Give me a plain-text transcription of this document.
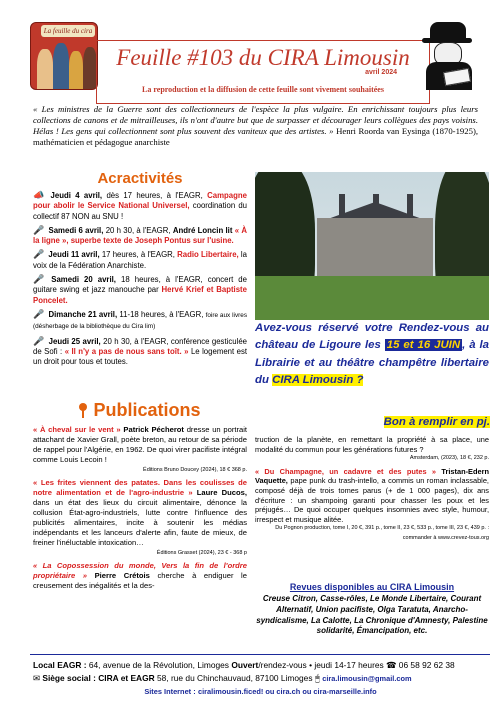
La feuille du cira
Feuille #103 du CIRA Limousin
avril 2024
La reproduction et la diffusion de cette feuille sont vivement souhaitées
« Les ministres de la Guerre sont des collectionneurs de l'espèce la plus vulgaire. En enrichissant toujours plus leurs collections de canons et de mitrailleuses, ils n'ont d'autre but que de surpasser et décourager leurs collègues des pays voisins. Hélas ! Les gens qui collectionnent sont plus souvent des vaniteux que des artistes. » Henri Roorda van Eysinga (1870-1925), mathématicien et pédagogue anarchiste
Acractivités
📣 Jeudi 4 avril, dès 17 heures, à l'EAGR, Campagne pour abolir le Service National Universel, coordination du collectif 87 NON au SNU !
🎤 Samedi 6 avril, 20 h 30, à l'EAGR, André Loncin lit « À la ligne », superbe texte de Joseph Pontus sur l'usine.
🎤 Jeudi 11 avril, 17 heures, à l'EAGR, Radio Libertaire, la voix de la Fédération Anarchiste.
🎤 Samedi 20 avril, 18 heures, à l'EAGR, concert de guitare swing et jazz manouche par Hervé Krief et Baptiste Poncelet.
🎤 Dimanche 21 avril, 11-18 heures, à l'EAGR, foire aux livres (désherbage de la bibliothèque du Cira lim)
🎤 Jeudi 25 avril, 20 h 30, à l'EAGR, conférence gesticulée de Sofi : « Il n'y a pas de nous sans toît. » Le logement est un droit pour tous et toutes.
Publications
« À cheval sur le vent » Patrick Pécherot dresse un portrait attachant de Xavier Grall, poète breton, au retour de sa période de rappel pour l'Algérie, en 1962. De quoi virer pacifiste intégral comme Louis Lecoin !
Éditions Bruno Doucey (2024), 18 € 368 p.
« Les frites viennent des patates. Dans les coulisses de notre alimentation et de l'agro-industrie » Laure Ducos, dans un état des lieux du circuit alimentaire, dénonce la collusion État-agro-industriels, lutte contre l'influence des publicités alimentaires, incite à soutenir les médias indépendants et les lanceurs d'alerte afin, faute de mieux, de freiner l'inéluctable intoxication…
Éditions Grasset (2024), 23 € - 368 p
« La Copossession du monde, Vers la fin de l'ordre propriétaire » Pierre Crétois cherche à endiguer le creusement des inégalités et la des-
Avez-vous réservé votre Rendez-vous au château de Ligoure les 15 et 16 JUIN , à la Librairie et au théâtre champêtre libertaire du CIRA Limousin ?
Bon à remplir en pj.
truction de la planète, en remettant la propriété à sa place, une modalité du commun pour les générations futures ?
Amsterdam, (2023), 18 €, 232 p.
« Du Champagne, un cadavre et des putes » Tristan-Edern Vaquette, pape punk du trash-intello, a commis un roman inclassable, composé déjà de trois tomes parus (+ de 1 000 pages), dix ans d'écriture : un shampoing garanti pour chasser les poux et les préjugés… De quoi occuper quelques insomnies avec style, humour, irrespect et musique alitée.
Du Pognon production, tome I, 20 €, 391 p., tome II, 23 €, 533 p., tome III, 23 €, 439 p. : commander à www.crevez-tous.org
Revues disponibles au CIRA Limousin
Creuse Citron, Casse-rôles, Le Monde Libertaire, Courant Alternatif, Union pacifiste, Olga Taratuta, Anarcho-syndicalisme, La Calotte, La Chronique d'Amnesty, Palestine solidarité, Émancipation, etc.
Local EAGR : 64, avenue de la Révolution, Limoges Ouvert/rendez-vous • jeudi 14-17 heures ☎ 06 58 92 62 38
✉ Siège social : CIRA et EAGR 58, rue du Chinchauvaud, 87100 Limoges 🖰 cira.limousin@gmail.com
Sites Internet : ciralimousin.ficed! ou cira.ch ou cira-marseille.info
